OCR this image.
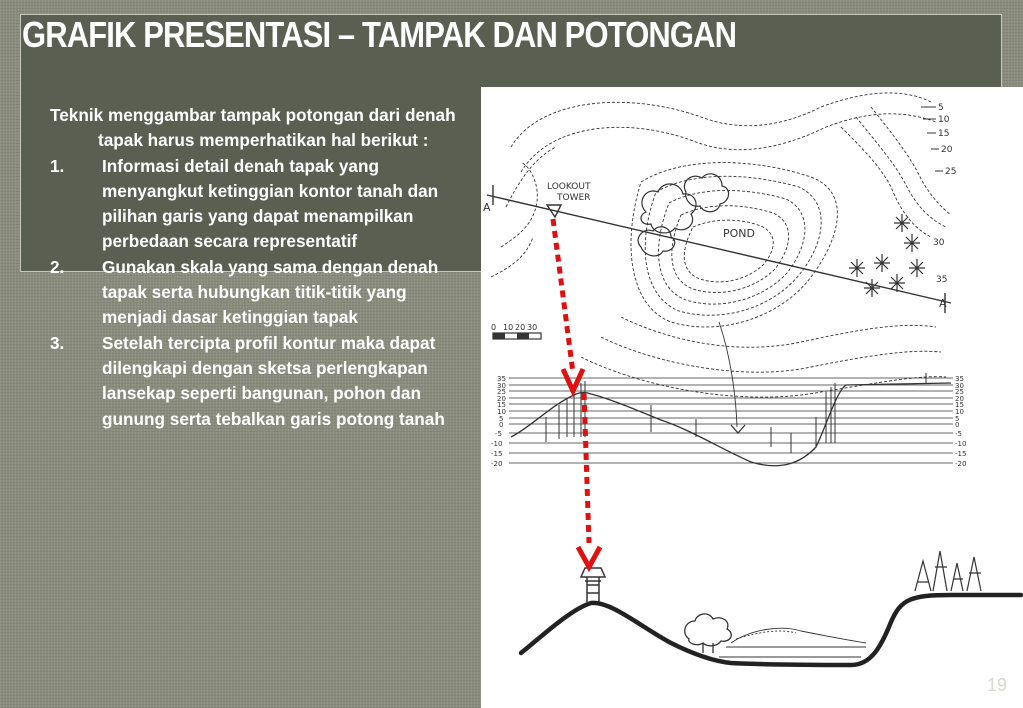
GRAFIK PRESENTASI – TAMPAK DAN POTONGAN

Teknik menggambar tampak potongan dari denah tapak harus memperhatikan hal berikut :

1. Informasi detail denah tapak yang menyangkut ketinggian kontor tanah dan pilihan garis yang dapat menampilkan perbedaan secara representatif
2. Gunakan skala yang sama dengan denah tapak serta hubungkan titik-titik yang menjadi dasar ketinggian tapak
3. Setelah tercipta profil kontur maka dapat dilengkapi dengan sketsa perlengkapan lansekap seperti bangunan, pohon dan gunung serta tebalkan garis potong tanah
5
10
15
20
25
30
35
LOOKOUT
TOWER
POND
A
A
0 10 20 30
35
30
25
20
15
10
5
0
-5
-10
-15
-20
35
30
25
20
15
10
5
0
-5
-10
-15
-20
19
